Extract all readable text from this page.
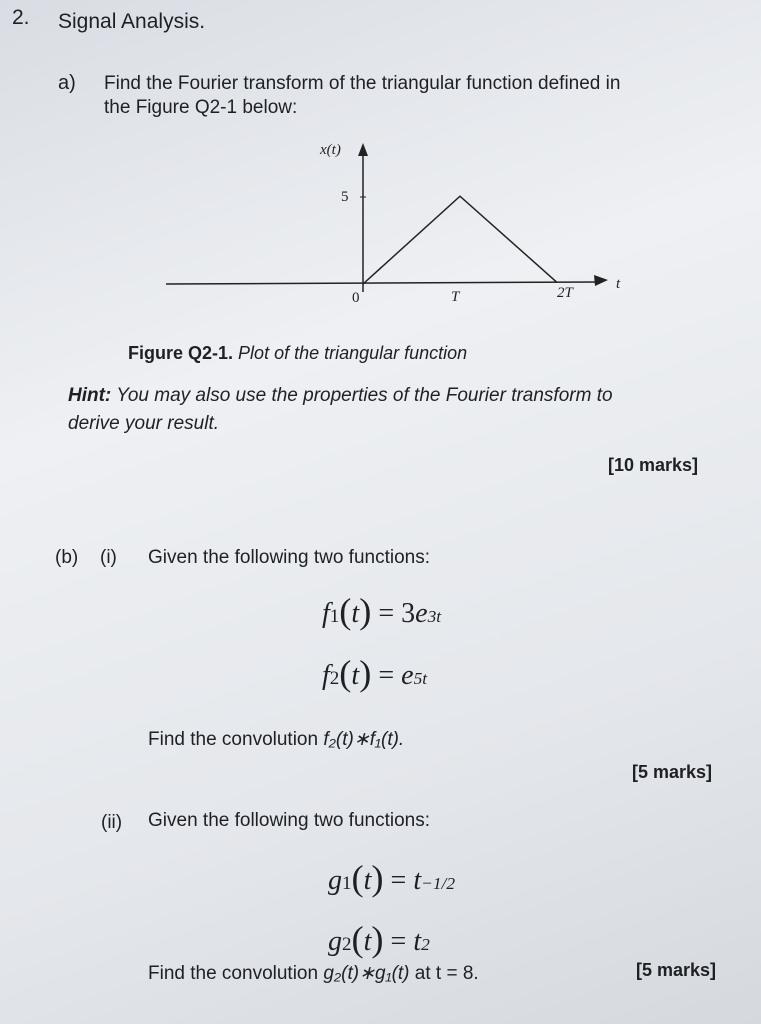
2. Signal Analysis.
a) Find the Fourier transform of the triangular function defined in
the Figure Q2-1 below:
x(t)
5
t
0	T	2T
Figure Q2-1. Plot of the triangular function
Hint: You may also use the properties of the Fourier transform to
derive your result.
[10 marks]
(b) (i) Given the following two functions:
$f_1(t) = 3e^{3t}$
$f_2(t) = e^{5t}$
Find the convolution f₂(t)∗f₁(t).
[5 marks]
(ii) Given the following two functions:
$g_1(t) = t^{-1/2}$
$g_2(t) = t^2$
Find the convolution g₂(t)∗g₁(t) at t = 8.	[5 marks]
